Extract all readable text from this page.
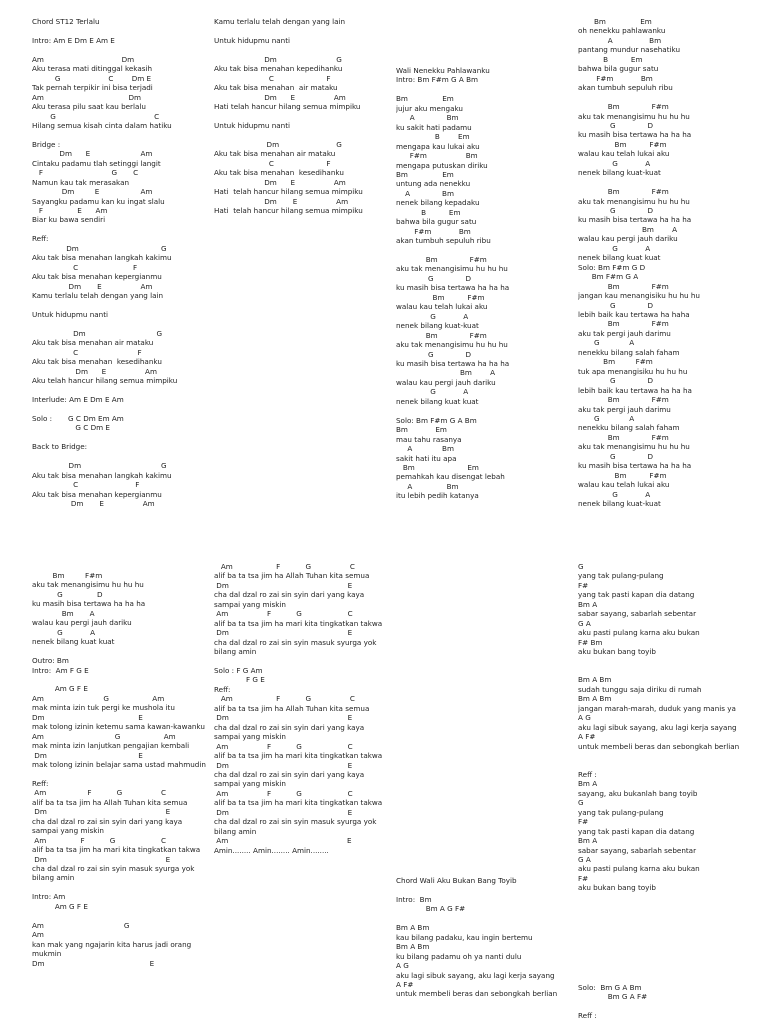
Chord ST12 Terlalu
Intro: Am E Dm E Am E
Am                                  Dm
Aku terasa mati ditinggal kekasih
G                     C        Dm E
Tak pernah terpikir ini bisa terjadi
Am                                     Dm
Aku terasa pilu saat kau berlalu
G                                           C
Hilang semua kisah cinta dalam hatiku
Bridge :
Dm      E                      Am
Cintaku padamu tlah setinggi langit
F                              G       C
Namun kau tak merasakan
Dm         E                  Am
Sayangku padamu kan ku ingat slalu
F               E      Am
Biar ku bawa sendiri
Reff:
Dm                                    G
Aku tak bisa menahan langkah kakimu
C                        F
Aku tak bisa menahan kepergianmu
Dm       E                 Am
Kamu terlalu telah dengan yang lain
Untuk hidupmu nanti
Dm                               G
Aku tak bisa menahan air mataku
C                          F
Aku tak bisa menahan  kesedihanku
Dm      E                 Am
Aku telah hancur hilang semua mimpiku
Interlude: Am E Dm E Am
Solo :       G C Dm Em Am
G C Dm E
Back to Bridge:
Dm                                   G
Aku tak bisa menahan langkah kakimu
C                         F
Aku tak bisa menahan kepergianmu
Dm       E                 Am
Kamu terlalu telah dengan yang lain
Untuk hidupmu nanti
Dm                          G
Aku tak bisa menahan kepedihanku
C                       F
Aku tak bisa menahan  air mataku
Dm      E                 Am
Hati telah hancur hilang semua mimpiku
Untuk hidupmu nanti
Dm                         G
Aku tak bisa menahan air mataku
C                       F
Aku tak bisa menahan  kesedihanku
Dm      E                 Am
Hati  telah hancur hilang semua mimpiku
Dm       E                 Am
Hati  telah hancur hilang semua mimpiku
Wali Nenekku Pahlawanku
Intro: Bm F#m G A Bm
Bm               Em
jujur aku mengaku
A              Bm
ku sakit hati padamu
B        Em
mengapa kau lukai aku
F#m                 Bm
mengapa putuskan diriku
Bm               Em
untung ada nenekku
A              Bm
nenek bilang kepadaku
B          Em
bahwa bila gugur satu
F#m            Bm
akan tumbuh sepuluh ribu
Bm              F#m
aku tak menangisimu hu hu hu
G              D
ku masih bisa tertawa ha ha ha
Bm          F#m
walau kau telah lukai aku
G            A
nenek bilang kuat-kuat
Bm              F#m
aku tak menangisimu hu hu hu
G              D
ku masih bisa tertawa ha ha ha
Bm        A
walau kau pergi jauh dariku
G            A
nenek bilang kuat kuat
Solo: Bm F#m G A Bm
Bm            Em
mau tahu rasanya
A             Bm
sakit hati itu apa
Bm                       Em
pemahkah kau disengat lebah
A               Bm
itu lebih pedih katanya
Bm               Em
oh nenekku pahlawanku
A                Bm
pantang mundur nasehatiku
B          Em
bahwa bila gugur satu
F#m            Bm
akan tumbuh sepuluh ribu
Bm              F#m
aku tak menangisimu hu hu hu
G              D
ku masih bisa tertawa ha ha ha
Bm          F#m
walau kau telah lukai aku
G            A
nenek bilang kuat-kuat
Bm              F#m
aku tak menangisimu hu hu hu
G              D
ku masih bisa tertawa ha ha ha
Bm        A
walau kau pergi jauh dariku
G            A
nenek bilang kuat kuat
Solo: Bm F#m G D
Bm F#m G A
Bm              F#m
jangan kau menangisiku hu hu hu
G              D
lebih baik kau tertawa ha haha
Bm              F#m
aku tak pergi jauh darimu
G             A
nenekku bilang salah faham
Bm         F#m
tuk apa menangisiku hu hu hu
G              D
lebih baik kau tertawa ha ha ha
Bm              F#m
aku tak pergi jauh darimu
G             A
nenekku bilang salah faham
Bm              F#m
aku tak menangisimu hu hu hu
G              D
ku masih bisa tertawa ha ha ha
Bm          F#m
walau kau telah lukai aku
G            A
nenek bilang kuat-kuat
Bm         F#m
aku tak menangisimu hu hu hu
G               D
ku masih bisa tertawa ha ha ha
Bm       A
walau kau pergi jauh dariku
G            A
nenek bilang kuat kuat
Outro: Bm
Intro:  Am F G E
Am G F E
Am                          G                   Am
mak minta izin tuk pergi ke mushola itu
Dm                                         E
mak tolong izinin ketemu sama kawan-kawanku
Am                               G                   Am
mak minta izin lanjutkan pengajian kembali
Dm                                        E
mak tolong izinin belajar sama ustad mahmudin
Reff:
Am                  F           G                 C
alif ba ta tsa jim ha Allah Tuhan kita semua
Dm                                                    E
cha dal dzal ro zai sin syin dari yang kaya sampai yang miskin
Am               F           G                    C
alif ba ta tsa jim ha mari kita tingkatkan takwa
Dm                                                    E
cha dal dzal ro zai sin syin masuk syurga yok bilang amin
Intro: Am
Am G F E
Am                                   G
Am
kan mak yang ngajarin kita harus jadi orang mukmin
Dm                                              E
Am                   F           G                 C
alif ba ta tsa jim ha Allah Tuhan kita semua
Dm                                                    E
cha dal dzal ro zai sin syin dari yang kaya sampai yang miskin
Am                 F           G                    C
alif ba ta tsa jim ha mari kita tingkatkan takwa
Dm                                                    E
cha dal dzal ro zai sin syin masuk syurga yok bilang amin
Solo : F G Am
F G E
Reff:
Am                   F           G                 C
alif ba ta tsa jim ha Allah Tuhan kita semua
Dm                                                    E
cha dal dzal ro zai sin syin dari yang kaya sampai yang miskin
Am                 F           G                    C
alif ba ta tsa jim ha mari kita tingkatkan takwa
Dm                                                    E
cha dal dzal ro zai sin syin dari yang kaya sampai yang miskin
Am                 F           G                    C
alif ba ta tsa jim ha mari kita tingkatkan takwa
Dm                                                    E
cha dal dzal ro zai sin syin masuk syurga yok bilang amin
Am                                                    E
Amin........ Amin........ Amin........
Chord Wali Aku Bukan Bang Toyib
Intro:  Bm
Bm A G F#
Bm A Bm
kau bilang padaku, kau ingin bertemu
Bm A Bm
ku bilang padamu oh ya nanti dulu
A G
aku lagi sibuk sayang, aku lagi kerja sayang
A F#
untuk membeli beras dan sebongkah berlian
G
yang tak pulang-pulang
F#
yang tak pasti kapan dia datang
Bm A
sabar sayang, sabarlah sebentar
G A
aku pasti pulang karna aku bukan
F# Bm
aku bukan bang toyib
Bm A Bm
sudah tunggu saja diriku di rumah
Bm A Bm
jangan marah-marah, duduk yang manis ya
A G
aku lagi sibuk sayang, aku lagi kerja sayang
A F#
untuk membeli beras dan sebongkah berlian
Reff :
Bm A
sayang, aku bukanlah bang toyib
G
yang tak pulang-pulang
F#
yang tak pasti kapan dia datang
Bm A
sabar sayang, sabarlah sebentar
G A
aku pasti pulang karna aku bukan
F#
aku bukan bang toyib
Solo:  Bm G A Bm
Bm G A F#
Reff :
